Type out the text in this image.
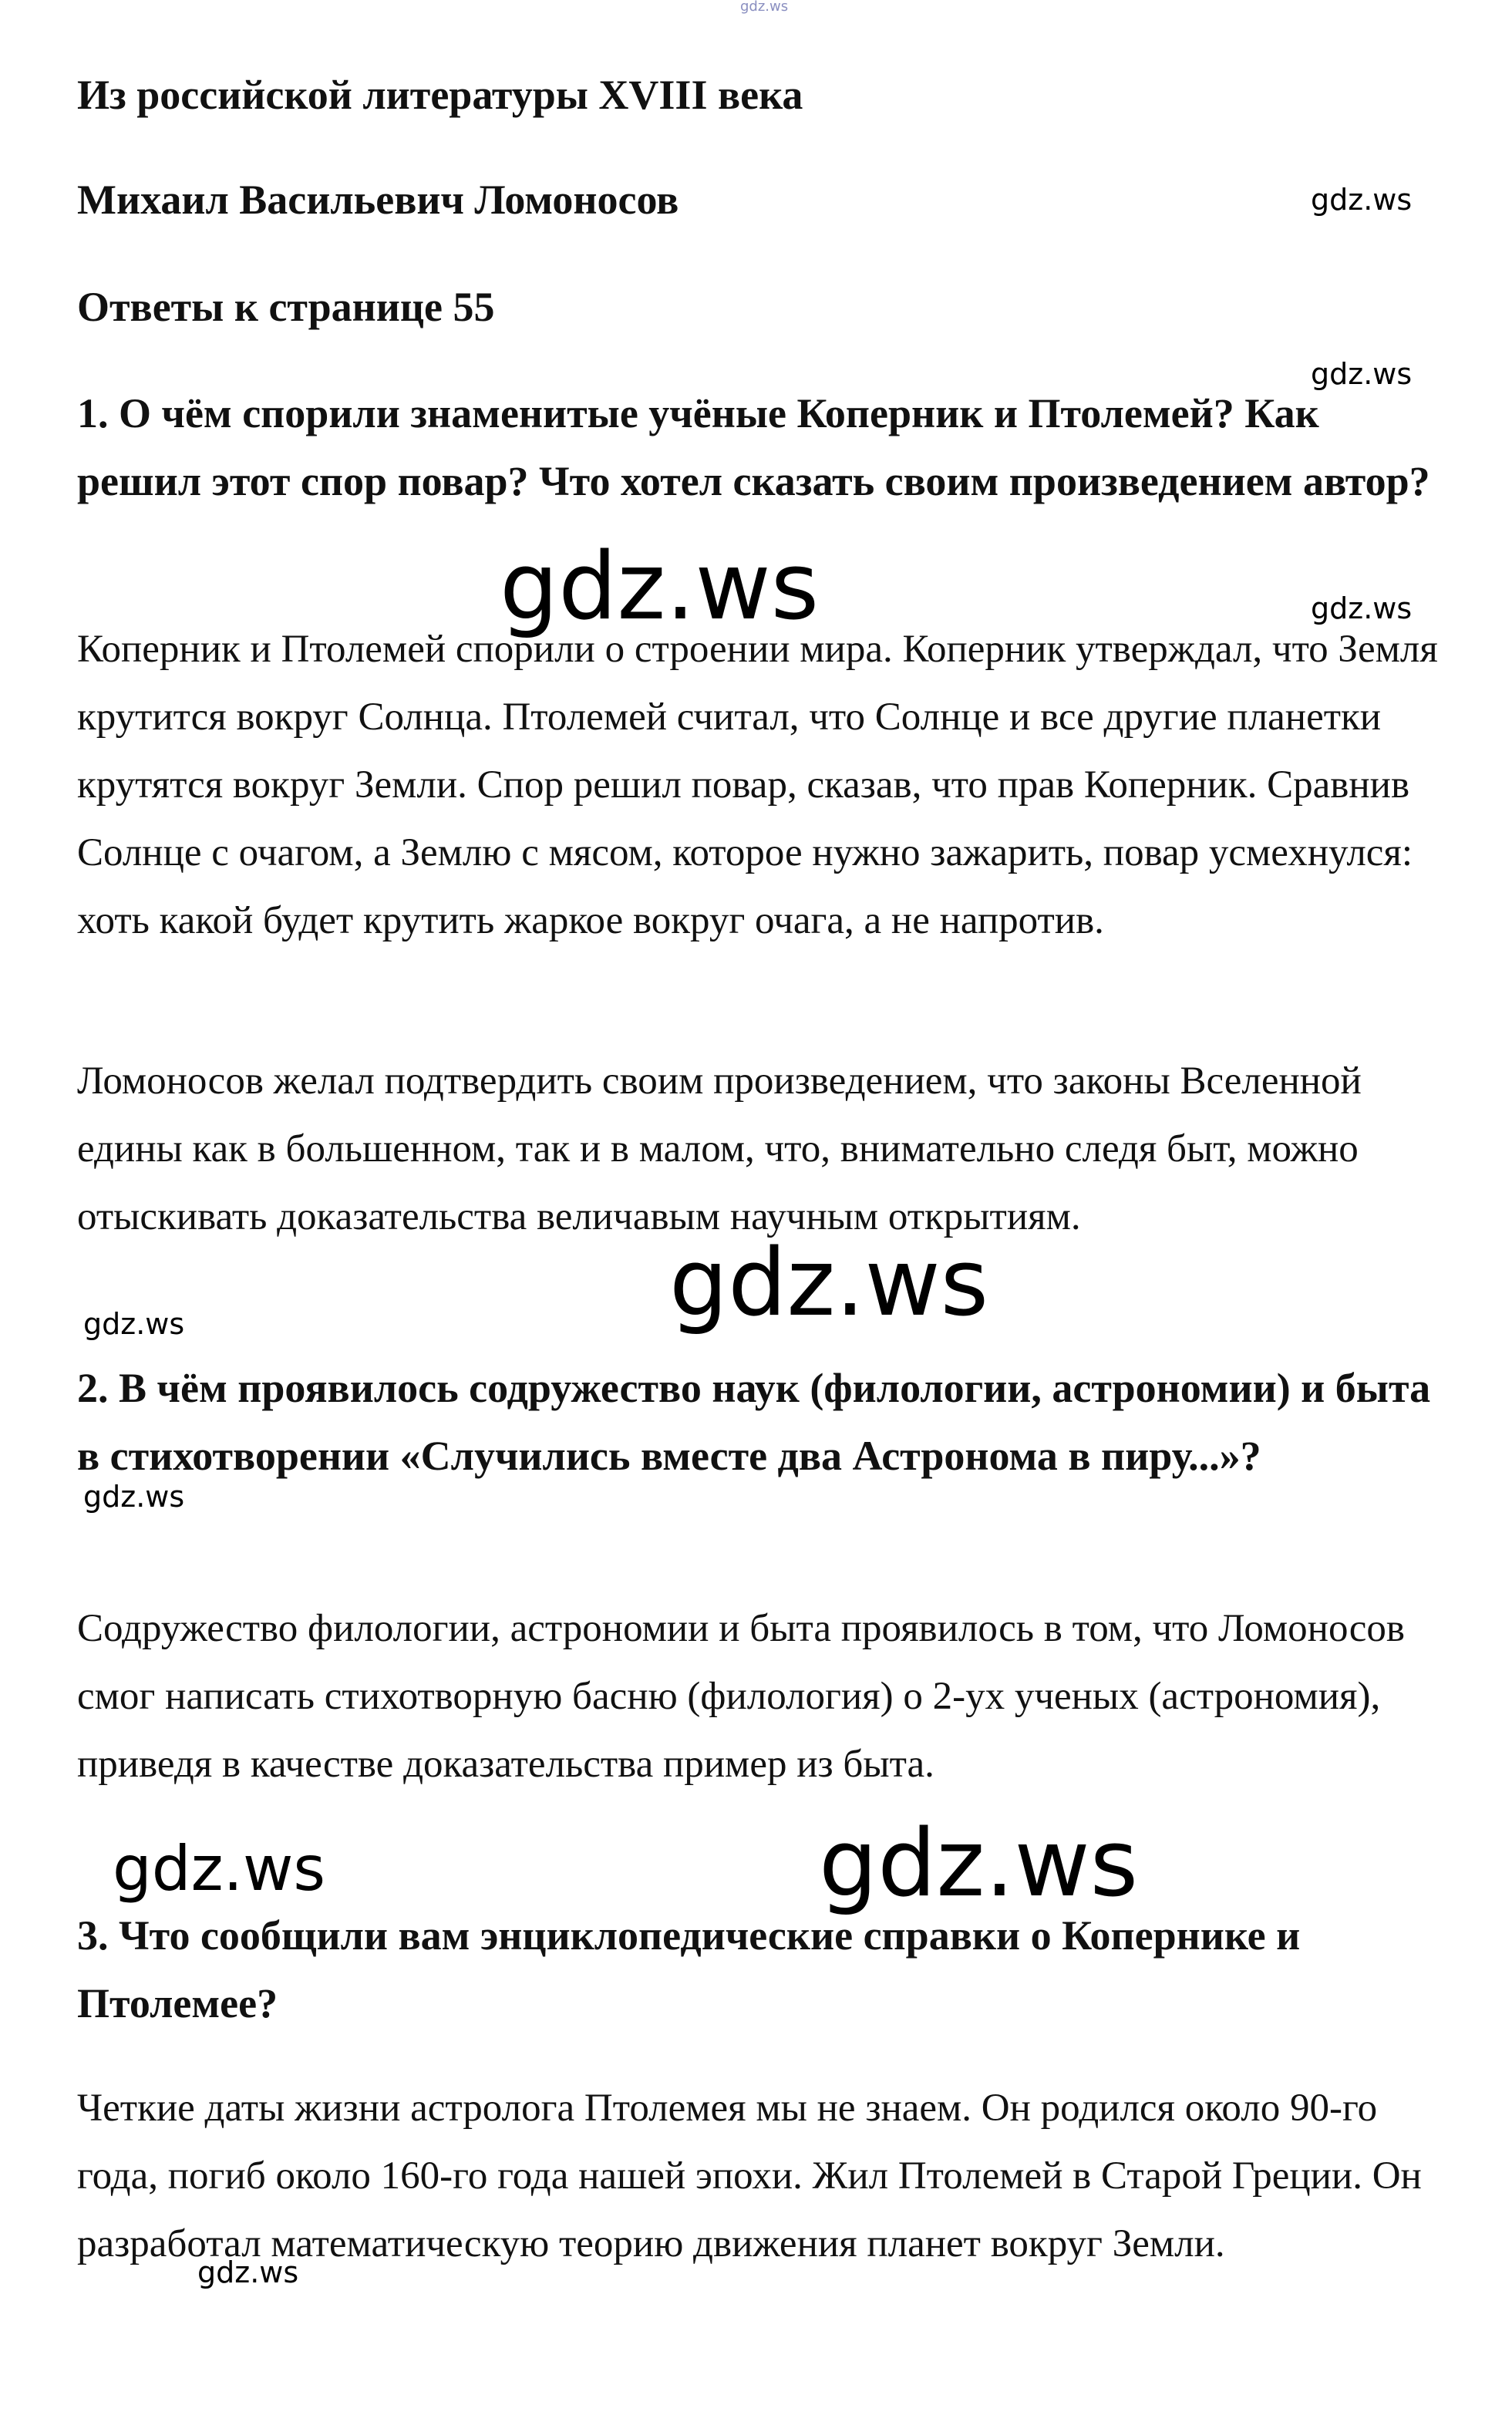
gdz.ws
Из российской литературы XVIII века
Михаил Васильевич Ломоносов	gdz.ws
Ответы к странице 55
gdz.ws

1. О чём спорили знаменитые учёные Коперник и Птолемей? Как решил этот спор повар? Что хотел сказать своим произведением автор?

gdz.ws	gdz.ws

Коперник и Птолемей спорили о строении мира. Коперник утверждал, что Земля крутится вокруг Солнца. Птолемей считал, что Солнце и все другие планетки крутятся вокруг Земли. Спор решил повар, сказав, что прав Коперник. Сравнив Солнце с очагом, а Землю с мясом, которое нужно зажарить, повар усмехнулся: хоть какой будет крутить жаркое вокруг очага, а не напротив.

Ломоносов желал подтвердить своим произведением, что законы Вселенной едины как в большенном, так и в малом, что, внимательно следя быт, можно отыскивать доказательства величавым научным открытиям.

gdz.ws
gdz.ws

2. В чём проявилось содружество наук (филологии, астрономии) и быта в стихотворении «Случились вместе два Астронома в пиру...»?

gdz.ws

Содружество филологии, астрономии и быта проявилось в том, что Ломоносов смог написать стихотворную басню (филология) о 2-ух ученых (астрономия), приведя в качестве доказательства пример из быта.

gdz.ws	gdz.ws

3. Что сообщили вам энциклопедические справки о Копернике и Птолемее?

Четкие даты жизни астролога Птолемея мы не знаем. Он родился около 90-го года, погиб около 160-го года нашей эпохи. Жил Птолемей в Старой Греции. Он разработал математическую теорию движения планет вокруг Земли.

gdz.ws
